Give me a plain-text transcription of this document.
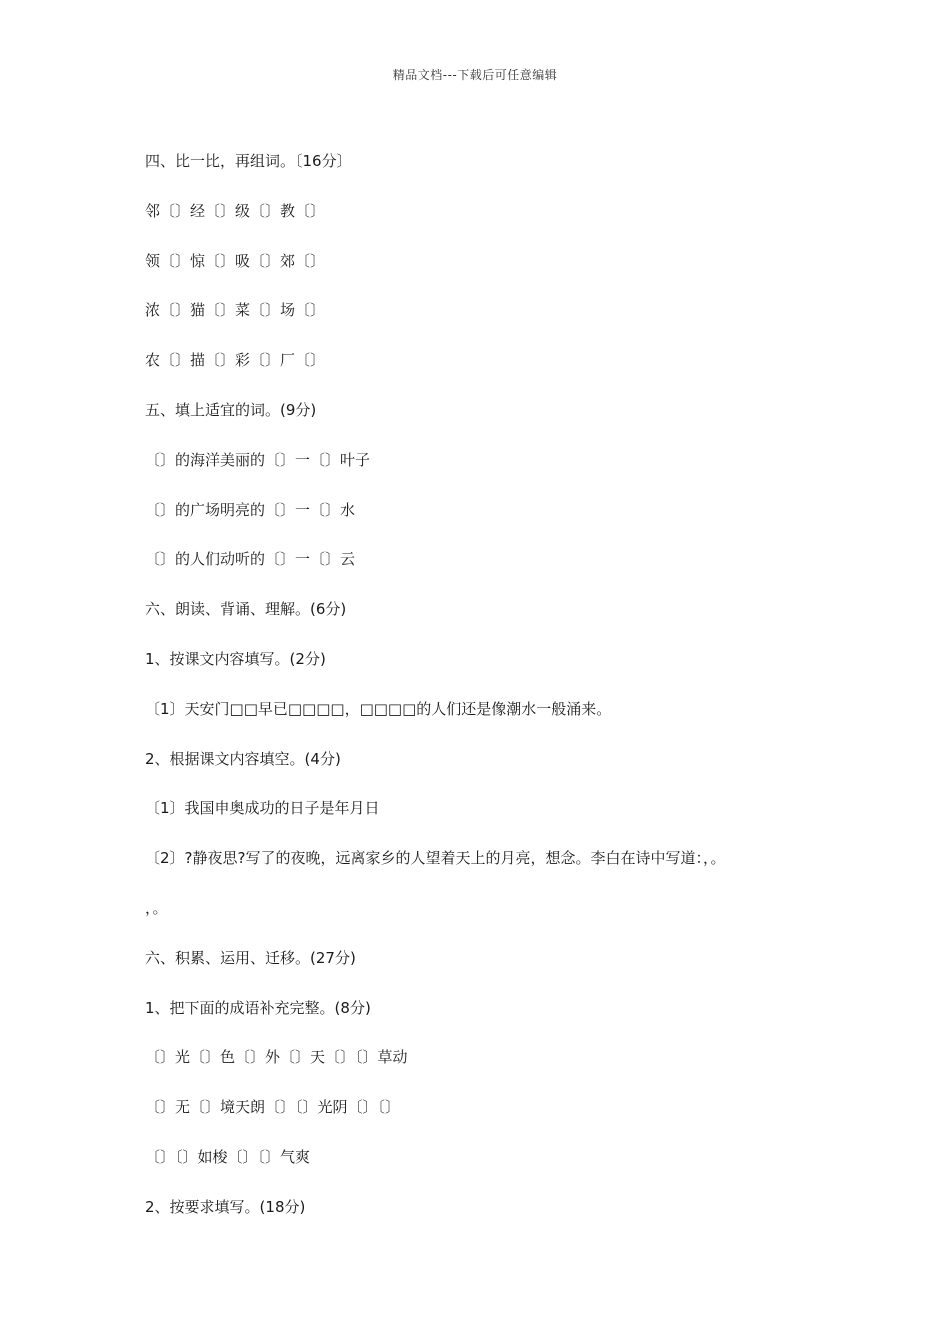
精品文档---下载后可任意编辑
四、比一比，再组词。〔16分〕
邻〔〕经〔〕级〔〕教〔〕
领〔〕惊〔〕吸〔〕郊〔〕
浓〔〕猫〔〕菜〔〕场〔〕
农〔〕描〔〕彩〔〕厂〔〕
五、填上适宜的词。(9分)
〔〕的海洋美丽的〔〕一〔〕叶子
〔〕的广场明亮的〔〕一〔〕水
〔〕的人们动听的〔〕一〔〕云
六、朗读、背诵、理解。(6分)
1、按课文内容填写。(2分)
〔1〕天安门□□早已□□□□，□□□□的人们还是像潮水一般涌来。
2、根据课文内容填空。(4分)
〔1〕我国申奥成功的日子是年月日
〔2〕?静夜思?写了的夜晚，远离家乡的人望着天上的月亮，想念。李白在诗中写道：，。
，。
六、积累、运用、迁移。(27分)
1、把下面的成语补充完整。(8分)
〔〕光〔〕色〔〕外〔〕天〔〕〔〕草动
〔〕无〔〕境天朗〔〕〔〕光阴〔〕〔〕
〔〕〔〕如梭〔〕〔〕气爽
2、按要求填写。(18分)
